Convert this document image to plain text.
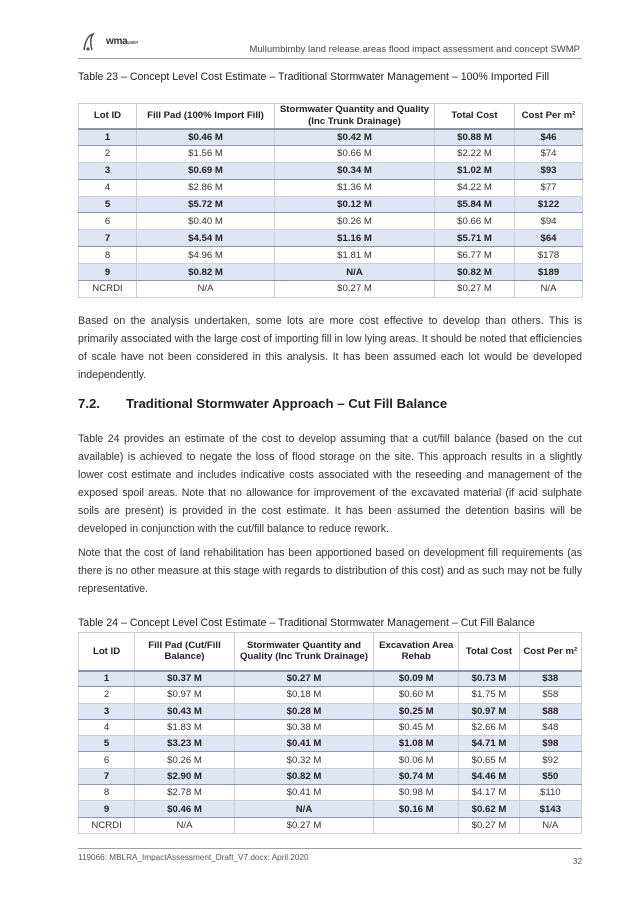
wmawater
Mullumbimby land release areas flood impact assessment and concept SWMP
Table 23 – Concept Level Cost Estimate – Traditional Stormwater Management – 100% Imported Fill
Lot ID	Fill Pad (100% Import Fill)	Stormwater Quantity and Quality (Inc Trunk Drainage)	Total Cost	Cost Per m²
1	$0.46 M	$0.42 M	$0.88 M	$46
2	$1.56 M	$0.66 M	$2.22 M	$74
3	$0.69 M	$0.34 M	$1.02 M	$93
4	$2.86 M	$1.36 M	$4.22 M	$77
5	$5.72 M	$0.12 M	$5.84 M	$122
6	$0.40 M	$0.26 M	$0.66 M	$94
7	$4.54 M	$1.16 M	$5.71 M	$64
8	$4.96 M	$1.81 M	$6.77 M	$178
9	$0.82 M	N/A	$0.82 M	$189
NCRDI	N/A	$0.27 M	$0.27 M	N/A
Based on the analysis undertaken, some lots are more cost effective to develop than others. This is primarily associated with the large cost of importing fill in low lying areas. It should be noted that efficiencies of scale have not been considered in this analysis. It has been assumed each lot would be developed independently.
7.2. Traditional Stormwater Approach – Cut Fill Balance
Table 24 provides an estimate of the cost to develop assuming that a cut/fill balance (based on the cut available) is achieved to negate the loss of flood storage on the site. This approach results in a slightly lower cost estimate and includes indicative costs associated with the reseeding and management of the exposed spoil areas. Note that no allowance for improvement of the excavated material (if acid sulphate soils are present) is provided in the cost estimate. It has been assumed the detention basins will be developed in conjunction with the cut/fill balance to reduce rework.
Note that the cost of land rehabilitation has been apportioned based on development fill requirements (as there is no other measure at this stage with regards to distribution of this cost) and as such may not be fully representative.
Table 24 – Concept Level Cost Estimate – Traditional Stormwater Management – Cut Fill Balance
Lot ID	Fill Pad (Cut/Fill Balance)	Stormwater Quantity and Quality (Inc Trunk Drainage)	Excavation Area Rehab	Total Cost	Cost Per m²
1	$0.37 M	$0.27 M	$0.09 M	$0.73 M	$38
2	$0.97 M	$0.18 M	$0.60 M	$1.75 M	$58
3	$0.43 M	$0.28 M	$0.25 M	$0.97 M	$88
4	$1.83 M	$0.38 M	$0.45 M	$2.66 M	$48
5	$3.23 M	$0.41 M	$1.08 M	$4.71 M	$98
6	$0.26 M	$0.32 M	$0.06 M	$0.65 M	$92
7	$2.90 M	$0.82 M	$0.74 M	$4.46 M	$50
8	$2.78 M	$0.41 M	$0.98 M	$4.17 M	$110
9	$0.46 M	N/A	$0.16 M	$0.62 M	$143
NCRDI	N/A	$0.27 M		$0.27 M	N/A
119066: MBLRA_ImpactAssessment_Draft_V7.docx: April 2020	32
